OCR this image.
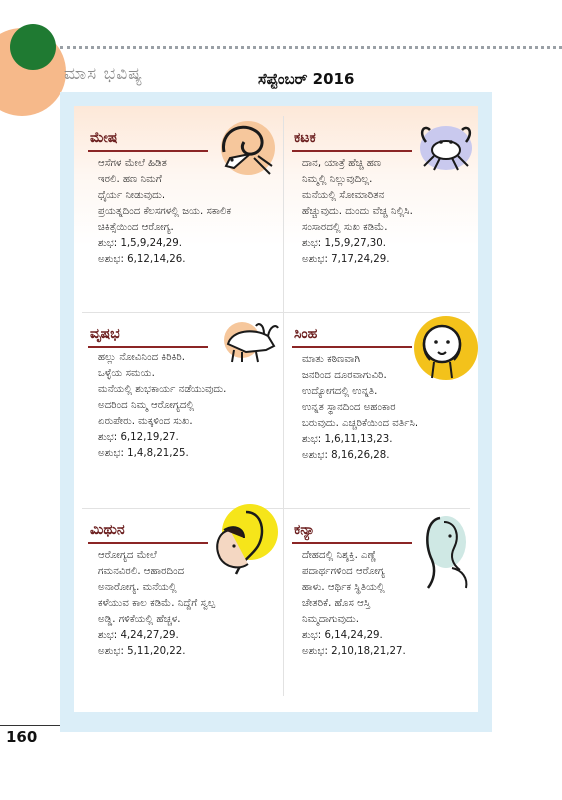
ಮಾಸ ಭವಿಷ್ಯ	ಸೆಪ್ಟೆಂಬರ್ 2016
ಮೇಷ
ಆಸೆಗಳ ಮೇಲೆ ಹಿಡಿತ
ಇರಲಿ. ಹಣ ನಿಮಗೆ
ಧೈರ್ಯ ನೀಡುವುದು.
ಪ್ರಯತ್ನದಿಂದ ಕೆಲಸಗಳಲ್ಲಿ ಜಯ. ಸಕಾಲಿಕ
ಚಿಕಿತ್ಸೆಯಿಂದ ಆರೋಗ್ಯ.
ಶುಭ: 1,5,9,24,29.
ಅಶುಭ: 6,12,14,26.
ಕಟಕ
ದಾನ, ಯಾತ್ರೆ ಹೆಚ್ಚಿ ಹಣ
ನಿಮ್ಮಲ್ಲಿ ನಿಲ್ಲುವುದಿಲ್ಲ.
ಮನೆಯಲ್ಲಿ ಸೋಮಾರಿತನ
ಹೆಚ್ಚುವುದು. ದುಂದು ವೆಚ್ಚ ನಿಲ್ಲಿಸಿ.
ಸಂಸಾರದಲ್ಲಿ ಸುಖ ಕಡಿಮೆ.
ಶುಭ: 1,5,9,27,30.
ಅಶುಭ: 7,17,24,29.
ವೃಷಭ
ಹಲ್ಲು ನೋವಿನಿಂದ ಕಿರಿಕಿರಿ.
ಒಳ್ಳೆಯ ಸಮಯ.
ಮನೆಯಲ್ಲಿ ಶುಭಕಾರ್ಯ ನಡೆಯುವುದು.
ಅದರಿಂದ ನಿಮ್ಮ ಆರೋಗ್ಯದಲ್ಲಿ
ಏರುಪೇರು. ಮಕ್ಕಳಿಂದ ಸುಖ.
ಶುಭ: 6,12,19,27.
ಅಶುಭ: 1,4,8,21,25.
ಸಿಂಹ
ಮಾತು ಕಠಿಣವಾಗಿ
ಜನರಿಂದ ದೂರವಾಗುವಿರಿ.
ಉದ್ಯೋಗದಲ್ಲಿ ಉನ್ನತಿ.
ಉನ್ನತ ಸ್ಥಾನದಿಂದ ಅಹಂಕಾರ
ಬರುವುದು. ಎಚ್ಚರಿಕೆಯಿಂದ ವರ್ತಿಸಿ.
ಶುಭ: 1,6,11,13,23.
ಅಶುಭ: 8,16,26,28.
ಮಿಥುನ
ಆರೋಗ್ಯದ ಮೇಲೆ
ಗಮನವಿರಲಿ. ಆಹಾರದಿಂದ
ಅನಾರೋಗ್ಯ. ಮನೆಯಲ್ಲಿ
ಕಳೆಯುವ ಕಾಲ ಕಡಿಮೆ. ನಿದ್ದೆಗೆ ಸ್ವಲ್ಪ
ಅಡ್ಡಿ. ಗಳಿಕೆಯಲ್ಲಿ ಹೆಚ್ಚಳ.
ಶುಭ: 4,24,27,29.
ಅಶುಭ: 5,11,20,22.
ಕನ್ಯಾ
ದೇಹದಲ್ಲಿ ನಿಶ್ಶಕ್ತಿ. ಎಣ್ಣೆ
ಪದಾರ್ಥಗಳಿಂದ ಆರೋಗ್ಯ
ಹಾಳು. ಆರ್ಥಿಕ ಸ್ಥಿತಿಯಲ್ಲಿ
ಚೇತರಿಕೆ. ಹೊಸ ಆಸ್ತಿ
ನಿಮ್ಮದಾಗುವುದು.
ಶುಭ: 6,14,24,29.
ಅಶುಭ: 2,10,18,21,27.
160
